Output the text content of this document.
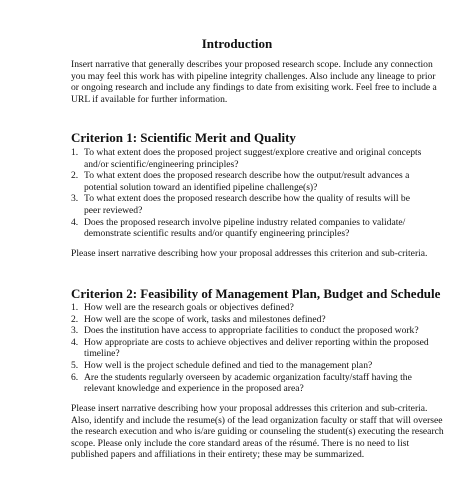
Introduction
Insert narrative that generally describes your proposed research scope. Include any connection
you may feel this work has with pipeline integrity challenges. Also include any lineage to prior
or ongoing research and include any findings to date from exisiting work. Feel free to include a
URL if available for further information.
Criterion 1: Scientific Merit and Quality
1. To what extent does the proposed project suggest/explore creative and original concepts
and/or scientific/engineering principles?
2. To what extent does the proposed research describe how the output/result advances a
potential solution toward an identified pipeline challenge(s)?
3. To what extent does the proposed research describe how the quality of results will be
peer reviewed?
4. Does the proposed research involve pipeline industry related companies to validate/
demonstrate scientific results and/or quantify engineering principles?
Please insert narrative describing how your proposal addresses this criterion and sub-criteria.
Criterion 2: Feasibility of Management Plan, Budget and Schedule
1. How well are the research goals or objectives defined?
2. How well are the scope of work, tasks and milestones defined?
3. Does the institution have access to appropriate facilities to conduct the proposed work?
4. How appropriate are costs to achieve objectives and deliver reporting within the proposed
timeline?
5. How well is the project schedule defined and tied to the management plan?
6. Are the students regularly overseen by academic organization faculty/staff having the
relevant knowledge and experience in the proposed area?
Please insert narrative describing how your proposal addresses this criterion and sub-criteria.
Also, identify and include the resume(s) of the lead organization faculty or staff that will oversee
the research execution and who is/are guiding or counseling the student(s) executing the research
scope. Please only include the core standard areas of the résumé. There is no need to list
published papers and affiliations in their entirety; these may be summarized.
